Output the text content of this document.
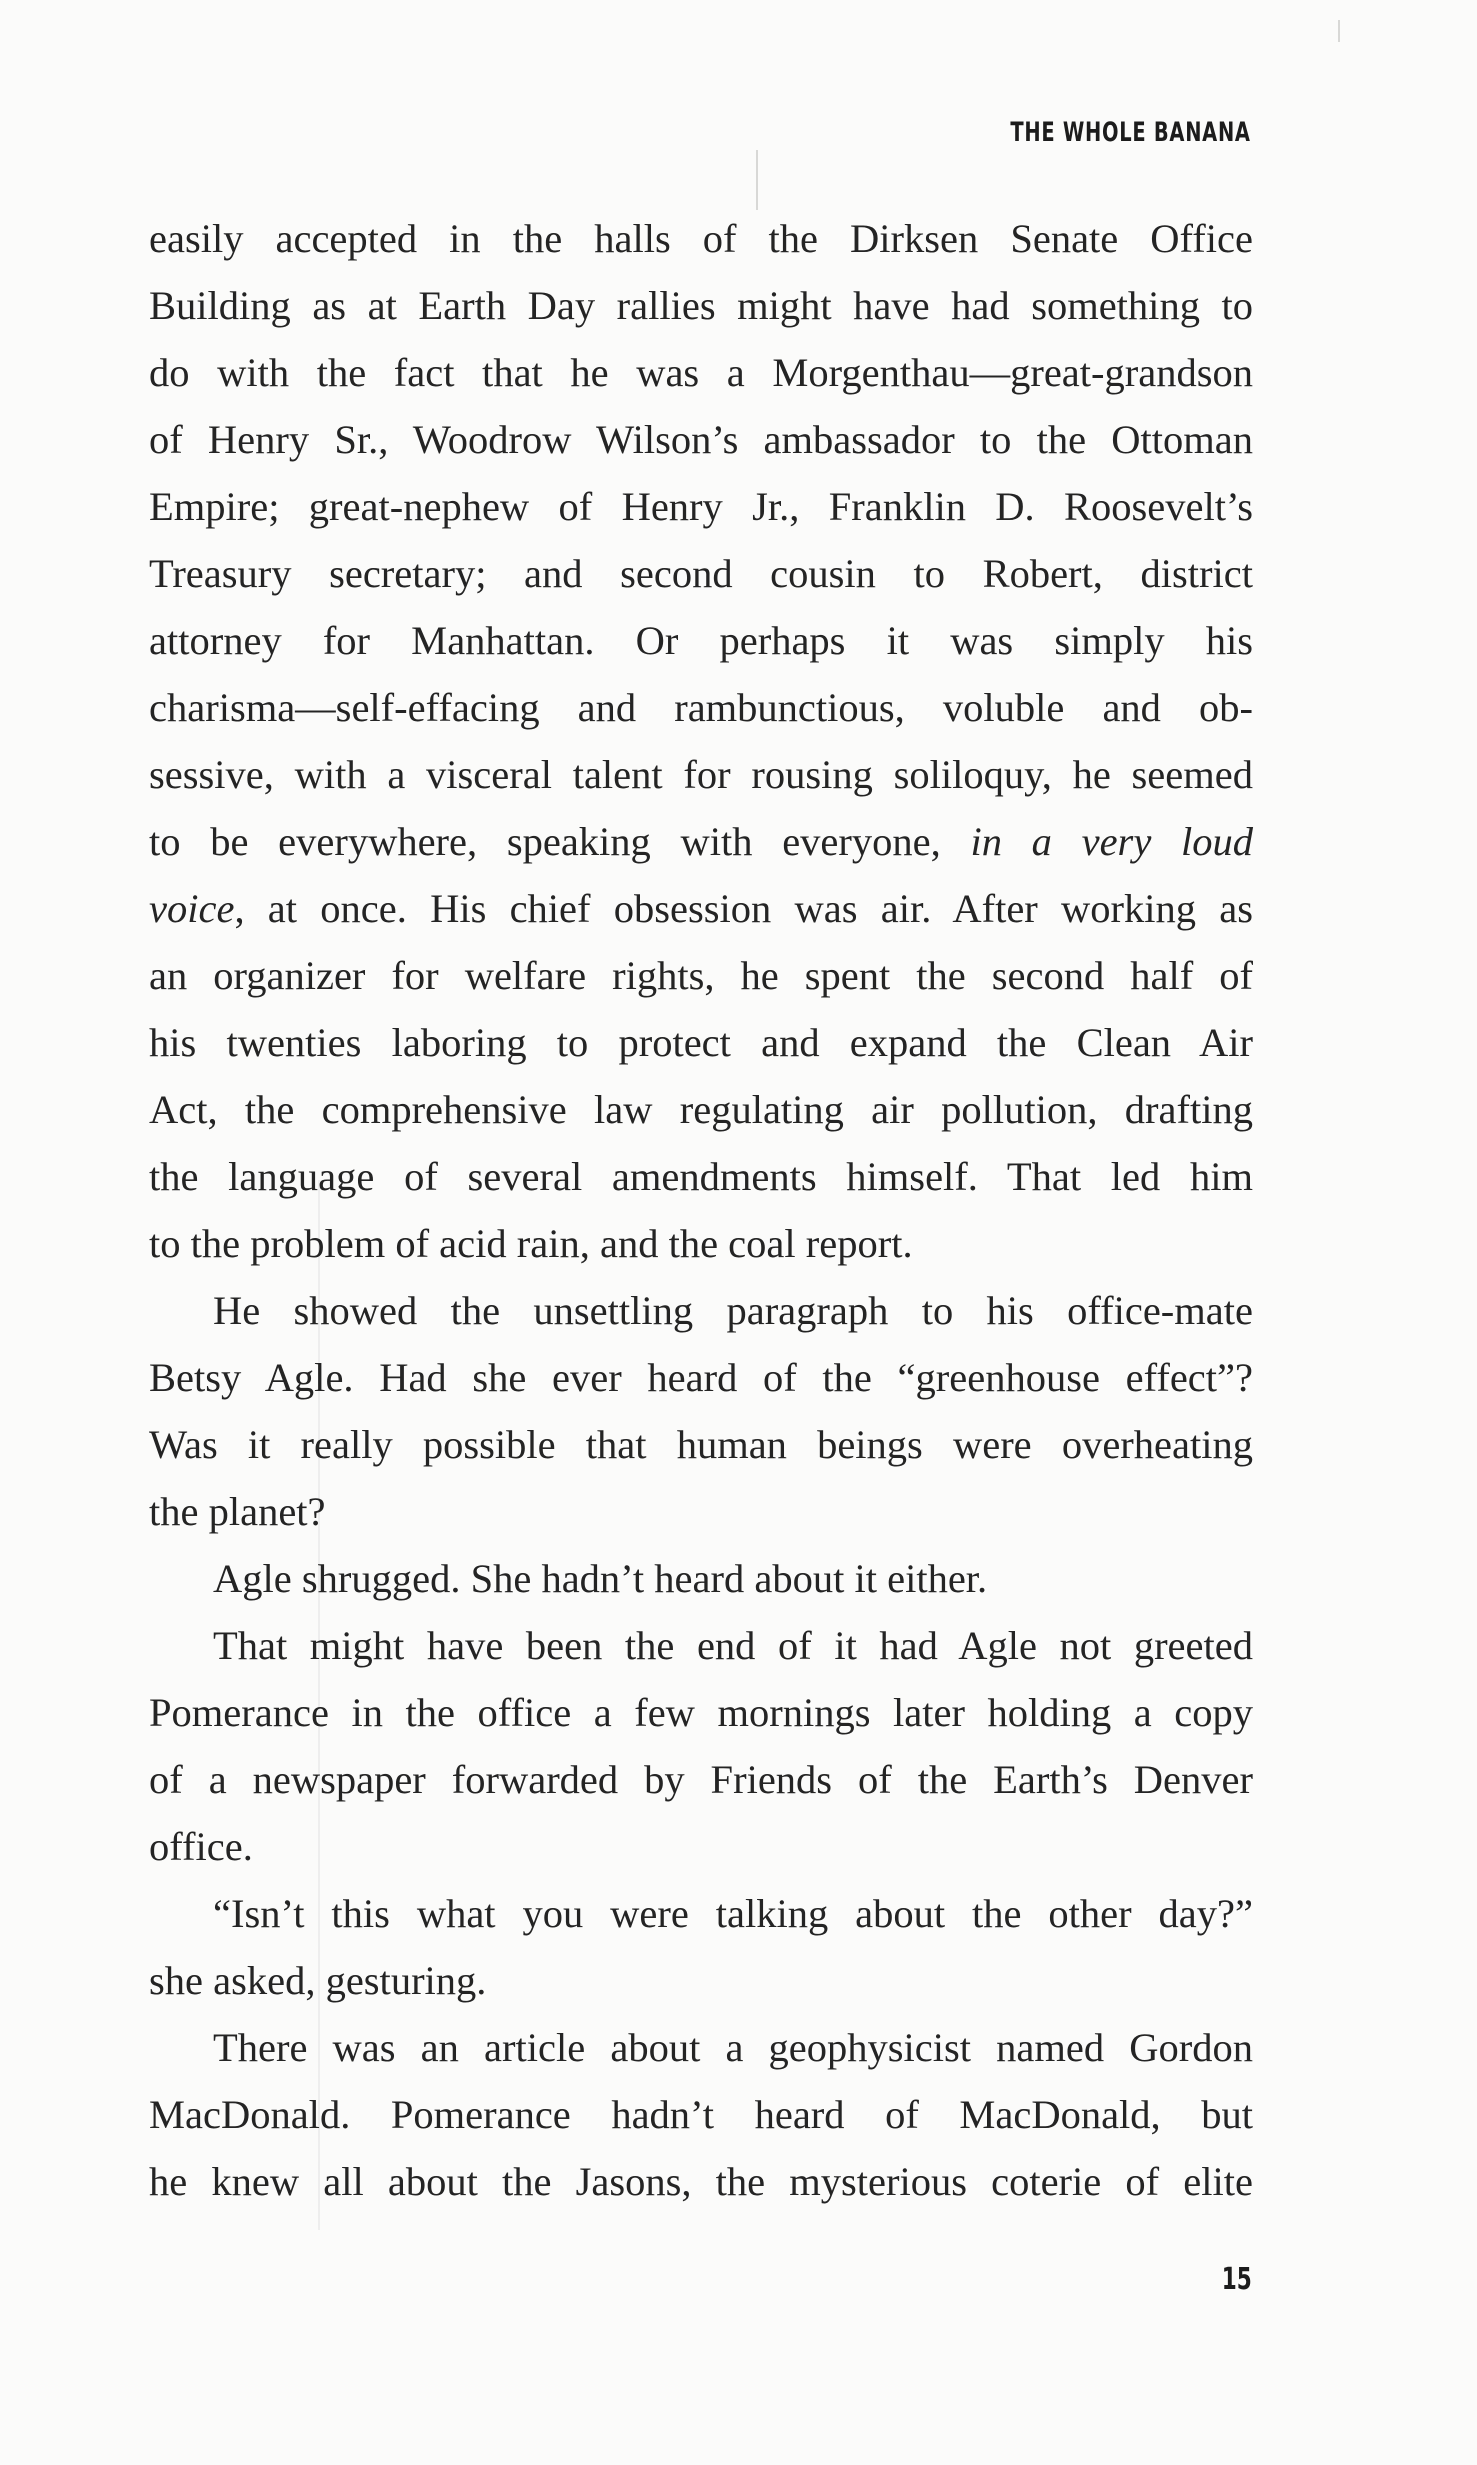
THE WHOLE BANANA
easily accepted in the halls of the Dirksen Senate Office
Building as at Earth Day rallies might have had something to
do with the fact that he was a Morgenthau—great-grandson
of Henry Sr., Woodrow Wilson’s ambassador to the Ottoman
Empire; great-nephew of Henry Jr., Franklin D. Roosevelt’s
Treasury secretary; and second cousin to Robert, district
attorney for Manhattan. Or perhaps it was simply his
charisma—self-effacing and rambunctious, voluble and ob-
sessive, with a visceral talent for rousing soliloquy, he seemed
to be everywhere, speaking with everyone, in a very loud
voice, at once. His chief obsession was air. After working as
an organizer for welfare rights, he spent the second half of
his twenties laboring to protect and expand the Clean Air
Act, the comprehensive law regulating air pollution, drafting
the language of several amendments himself. That led him
to the problem of acid rain, and the coal report.
He showed the unsettling paragraph to his office-mate
Betsy Agle. Had she ever heard of the “greenhouse effect”?
Was it really possible that human beings were overheating
the planet?
Agle shrugged. She hadn’t heard about it either.
That might have been the end of it had Agle not greeted
Pomerance in the office a few mornings later holding a copy
of a newspaper forwarded by Friends of the Earth’s Denver
office.
“Isn’t this what you were talking about the other day?”
she asked, gesturing.
There was an article about a geophysicist named Gordon
MacDonald. Pomerance hadn’t heard of MacDonald, but
he knew all about the Jasons, the mysterious coterie of elite
15
